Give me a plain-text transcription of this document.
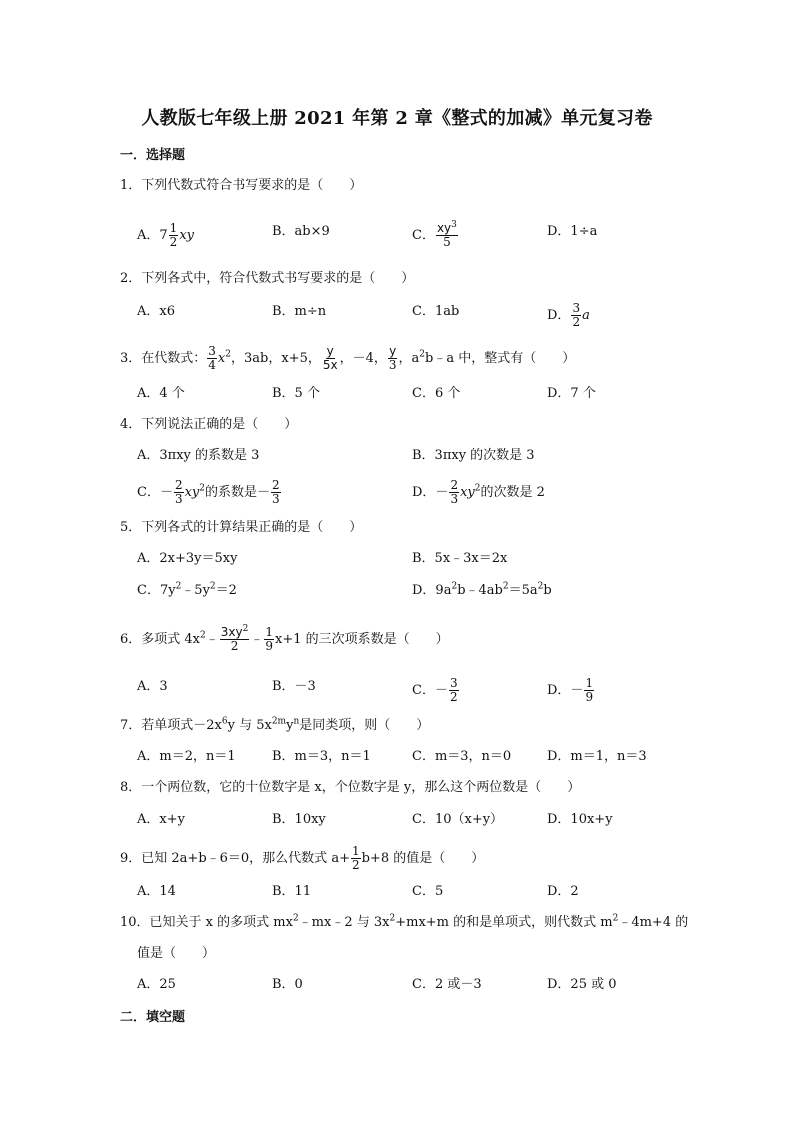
人教版七年级上册 2021 年第 2 章《整式的加减》单元复习卷
一．选择题
1．下列代数式符合书写要求的是（　　）
A．$7 \frac{1}{2}$ xy	B．ab×9	C． $\frac{xy^3}{5}$	D．1÷a
2．下列各式中，符合代数式书写要求的是（　　）
A．x6	B．m÷n	C．1ab	D． $\frac{3}{2}$ a
3．在代数式： $\frac{3}{4} x^2$，3ab，x+5， $\frac{y}{5x}$ ，－4， $\frac{y}{3}$ ，$a^2b﹣a$ 中，整式有（　　）
A．4 个	B．5 个	C．6 个	D．7 个
4．下列说法正确的是（　　）
A．3πxy 的系数是 3	B．3πxy 的次数是 3
C．－ $\frac{2}{3} xy^2$的系数是－ $\frac{2}{3}$	D．－ $\frac{2}{3} xy^2$的次数是 2
5．下列各式的计算结果正确的是（　　）
A．2x+3y＝5xy	B．5x﹣3x＝2x
C．$7y^2﹣5y^2=2$	D．$9a^2b﹣4ab^2=5a^2b$
6．多项式 $4x^2﹣ \frac{3xy^2}{2}$ ﹣ $\frac{1}{9} x+1$ 的三次项系数是（　　）
A．3	B．－3	C．－ $\frac{3}{2}$	D．－ $\frac{1}{9}$
7．若单项式$-2x^6y$ 与 $5x^{2m}y^n$是同类项，则（　　）
A．m＝2，n＝1	B．m＝3，n＝1	C．m＝3，n＝0	D．m＝1，n＝3
8．一个两位数，它的十位数字是 x，个位数字是 y，那么这个两位数是（　　）
A．x+y	B．10xy	C．10（x+y）	D．10x+y
9．已知 2a+b﹣6＝0，那么代数式 $a+ \frac{1}{2} b+8$ 的值是（　　）
A．14	B．11	C．5	D．2
10．已知关于 x 的多项式 $mx^2﹣mx﹣2$ 与 $3x^2+mx+m$ 的和是单项式，则代数式 $m^2﹣4m+4$ 的
值是（　　）
A．25	B．0	C．2 或－3	D．25 或 0
二．填空题
